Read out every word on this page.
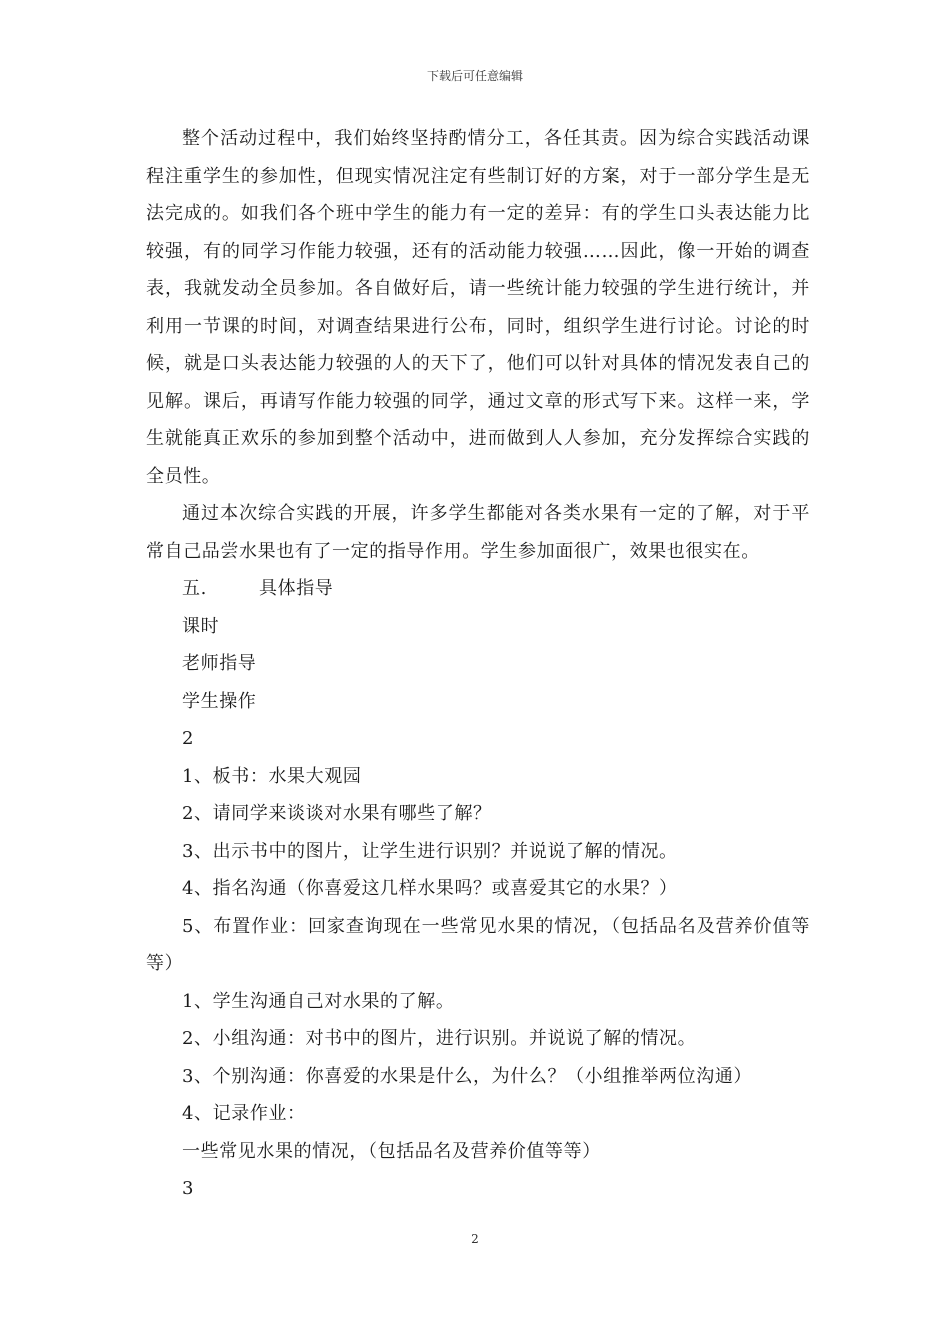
下载后可任意编辑

整个活动过程中，我们始终坚持酌情分工，各任其责。因为综合实践活动课程注重学生的参加性，但现实情况注定有些制订好的方案，对于一部分学生是无法完成的。如我们各个班中学生的能力有一定的差异：有的学生口头表达能力比较强，有的同学习作能力较强，还有的活动能力较强……因此，像一开始的调查表，我就发动全员参加。各自做好后，请一些统计能力较强的学生进行统计，并利用一节课的时间，对调查结果进行公布，同时，组织学生进行讨论。讨论的时候，就是口头表达能力较强的人的天下了，他们可以针对具体的情况发表自己的见解。课后，再请写作能力较强的同学，通过文章的形式写下来。这样一来，学生就能真正欢乐的参加到整个活动中，进而做到人人参加，充分发挥综合实践的全员性。

通过本次综合实践的开展，许多学生都能对各类水果有一定的了解，对于平常自己品尝水果也有了一定的指导作用。学生参加面很广，效果也很实在。

五.	具体指导

课时

老师指导

学生操作

2

1、板书：水果大观园

2、请同学来谈谈对水果有哪些了解？

3、出示书中的图片，让学生进行识别？并说说了解的情况。

4、指名沟通（你喜爱这几样水果吗？或喜爱其它的水果？）

5、布置作业：回家查询现在一些常见水果的情况，（包括品名及营养价值等等）

1、学生沟通自己对水果的了解。

2、小组沟通：对书中的图片，进行识别。并说说了解的情况。

3、个别沟通：你喜爱的水果是什么，为什么？（小组推举两位沟通）

4、记录作业：

一些常见水果的情况，（包括品名及营养价值等等）

3

2
